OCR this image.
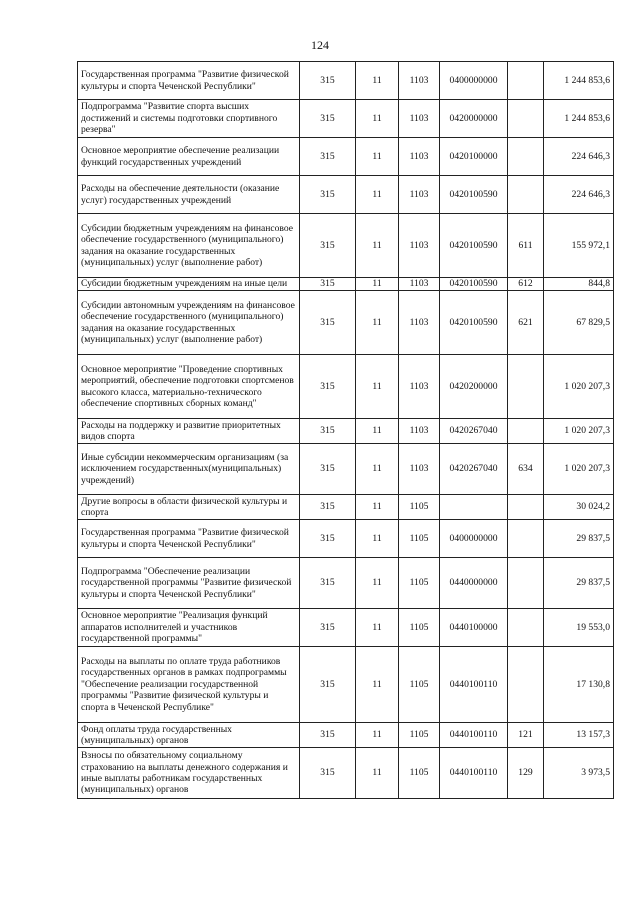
124
Государственная программа "Развитие физической культуры и спорта Чеченской Республики"	315	11	1103	0400000000		1 244 853,6
Подпрограмма "Развитие спорта высших достижений и системы подготовки спортивного резерва"	315	11	1103	0420000000		1 244 853,6
Основное мероприятие обеспечение реализации функций государственных учреждений	315	11	1103	0420100000		224 646,3
Расходы на обеспечение деятельности (оказание услуг) государственных учреждений	315	11	1103	0420100590		224 646,3
Субсидии бюджетным учреждениям на финансовое обеспечение государственного (муниципального) задания на оказание государственных (муниципальных) услуг (выполнение работ)	315	11	1103	0420100590	611	155 972,1
Субсидии бюджетным учреждениям на иные цели	315	11	1103	0420100590	612	844,8
Субсидии автономным учреждениям на финансовое обеспечение государственного (муниципального) задания на оказание государственных (муниципальных) услуг (выполнение работ)	315	11	1103	0420100590	621	67 829,5
Основное мероприятие "Проведение спортивных мероприятий, обеспечение подготовки спортсменов высокого класса, материально-технического обеспечение спортивных сборных команд"	315	11	1103	0420200000		1 020 207,3
Расходы на поддержку и развитие приоритетных видов спорта	315	11	1103	0420267040		1 020 207,3
Иные субсидии некоммерческим организациям (за исключением государственных(муниципальных) учреждений)	315	11	1103	0420267040	634	1 020 207,3
Другие вопросы в области физической культуры и спорта	315	11	1105			30 024,2
Государственная программа "Развитие физической культуры и спорта Чеченской Республики"	315	11	1105	0400000000		29 837,5
Подпрограмма "Обеспечение реализации государственной программы "Развитие физической культуры и спорта Чеченской Республики"	315	11	1105	0440000000		29 837,5
Основное мероприятие "Реализация функций аппаратов исполнителей и участников государственной программы"	315	11	1105	0440100000		19 553,0
Расходы на выплаты по оплате труда работников государственных органов в рамках подпрограммы "Обеспечение реализации государственной программы "Развитие физической культуры и спорта в Чеченской Республике"	315	11	1105	0440100110		17 130,8
Фонд оплаты труда государственных (муниципальных) органов	315	11	1105	0440100110	121	13 157,3
Взносы по обязательному социальному страхованию на выплаты денежного содержания и иные выплаты работникам государственных (муниципальных) органов	315	11	1105	0440100110	129	3 973,5
